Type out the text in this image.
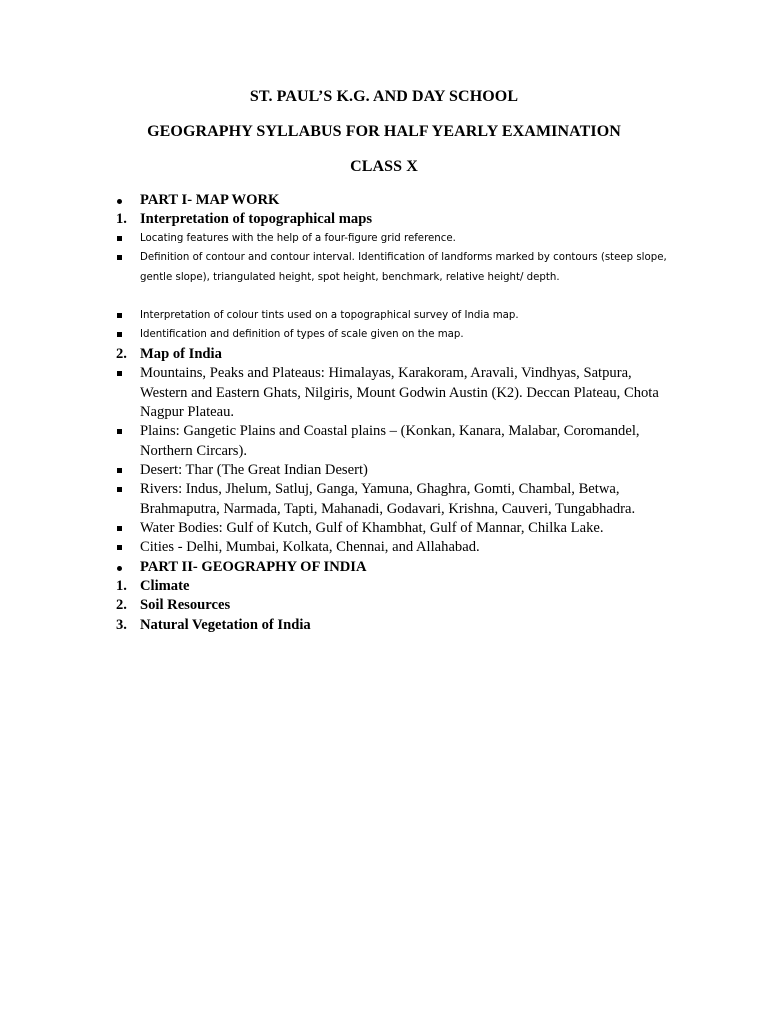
ST. PAUL’S K.G. AND DAY SCHOOL
GEOGRAPHY SYLLABUS FOR HALF YEARLY EXAMINATION
CLASS X
PART I- MAP WORK
1. Interpretation of topographical maps
Locating features with the help of a four-figure grid reference.
Definition of contour and contour interval. Identification of landforms marked by contours (steep slope, gentle slope), triangulated height, spot height, benchmark, relative height/ depth.
Interpretation of colour tints used on a topographical survey of India map.
Identification and definition of types of scale given on the map.
2. Map of India
Mountains, Peaks and Plateaus: Himalayas, Karakoram, Aravali, Vindhyas, Satpura, Western and Eastern Ghats, Nilgiris, Mount Godwin Austin (K2). Deccan Plateau, Chota Nagpur Plateau.
Plains: Gangetic Plains and Coastal plains – (Konkan, Kanara, Malabar, Coromandel, Northern Circars).
Desert: Thar (The Great Indian Desert)
Rivers: Indus, Jhelum, Satluj, Ganga, Yamuna, Ghaghra, Gomti, Chambal, Betwa, Brahmaputra, Narmada, Tapti, Mahanadi, Godavari, Krishna, Cauveri, Tungabhadra.
Water Bodies: Gulf of Kutch, Gulf of Khambhat, Gulf of Mannar, Chilka Lake.
Cities - Delhi, Mumbai, Kolkata, Chennai, and Allahabad.
PART II- GEOGRAPHY OF INDIA
1. Climate
2. Soil Resources
3. Natural Vegetation of India
